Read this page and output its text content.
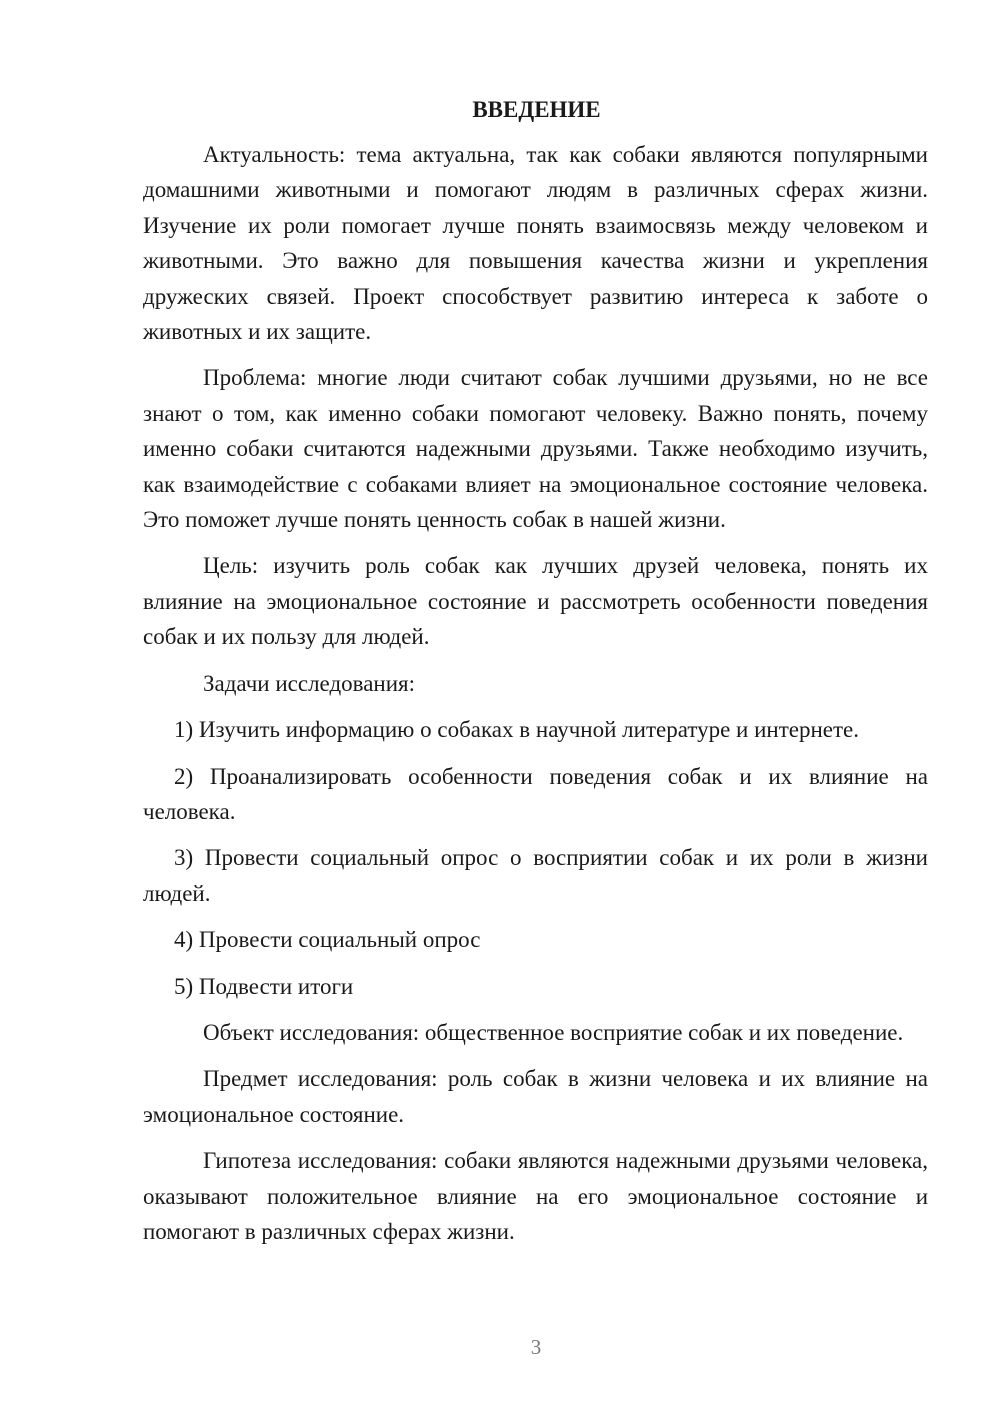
ВВЕДЕНИЕ

Актуальность: тема актуальна, так как собаки являются популярными домашними животными и помогают людям в различных сферах жизни. Изучение их роли помогает лучше понять взаимосвязь между человеком и животными. Это важно для повышения качества жизни и укрепления дружеских связей. Проект способствует развитию интереса к заботе о животных и их защите.

Проблема: многие люди считают собак лучшими друзьями, но не все знают о том, как именно собаки помогают человеку. Важно понять, почему именно собаки считаются надежными друзьями. Также необходимо изучить, как взаимодействие с собаками влияет на эмоциональное состояние человека. Это поможет лучше понять ценность собак в нашей жизни.

Цель: изучить роль собак как лучших друзей человека, понять их влияние на эмоциональное состояние и рассмотреть особенности поведения собак и их пользу для людей.

Задачи исследования:

1) Изучить информацию о собаках в научной литературе и интернете.

2) Проанализировать особенности поведения собак и их влияние на человека.

3) Провести социальный опрос о восприятии собак и их роли в жизни людей.

4) Провести социальный опрос

5) Подвести итоги

Объект исследования: общественное восприятие собак и их поведение.

Предмет исследования: роль собак в жизни человека и их влияние на эмоциональное состояние.

Гипотеза исследования: собаки являются надежными друзьями человека, оказывают положительное влияние на его эмоциональное состояние и помогают в различных сферах жизни.

3
